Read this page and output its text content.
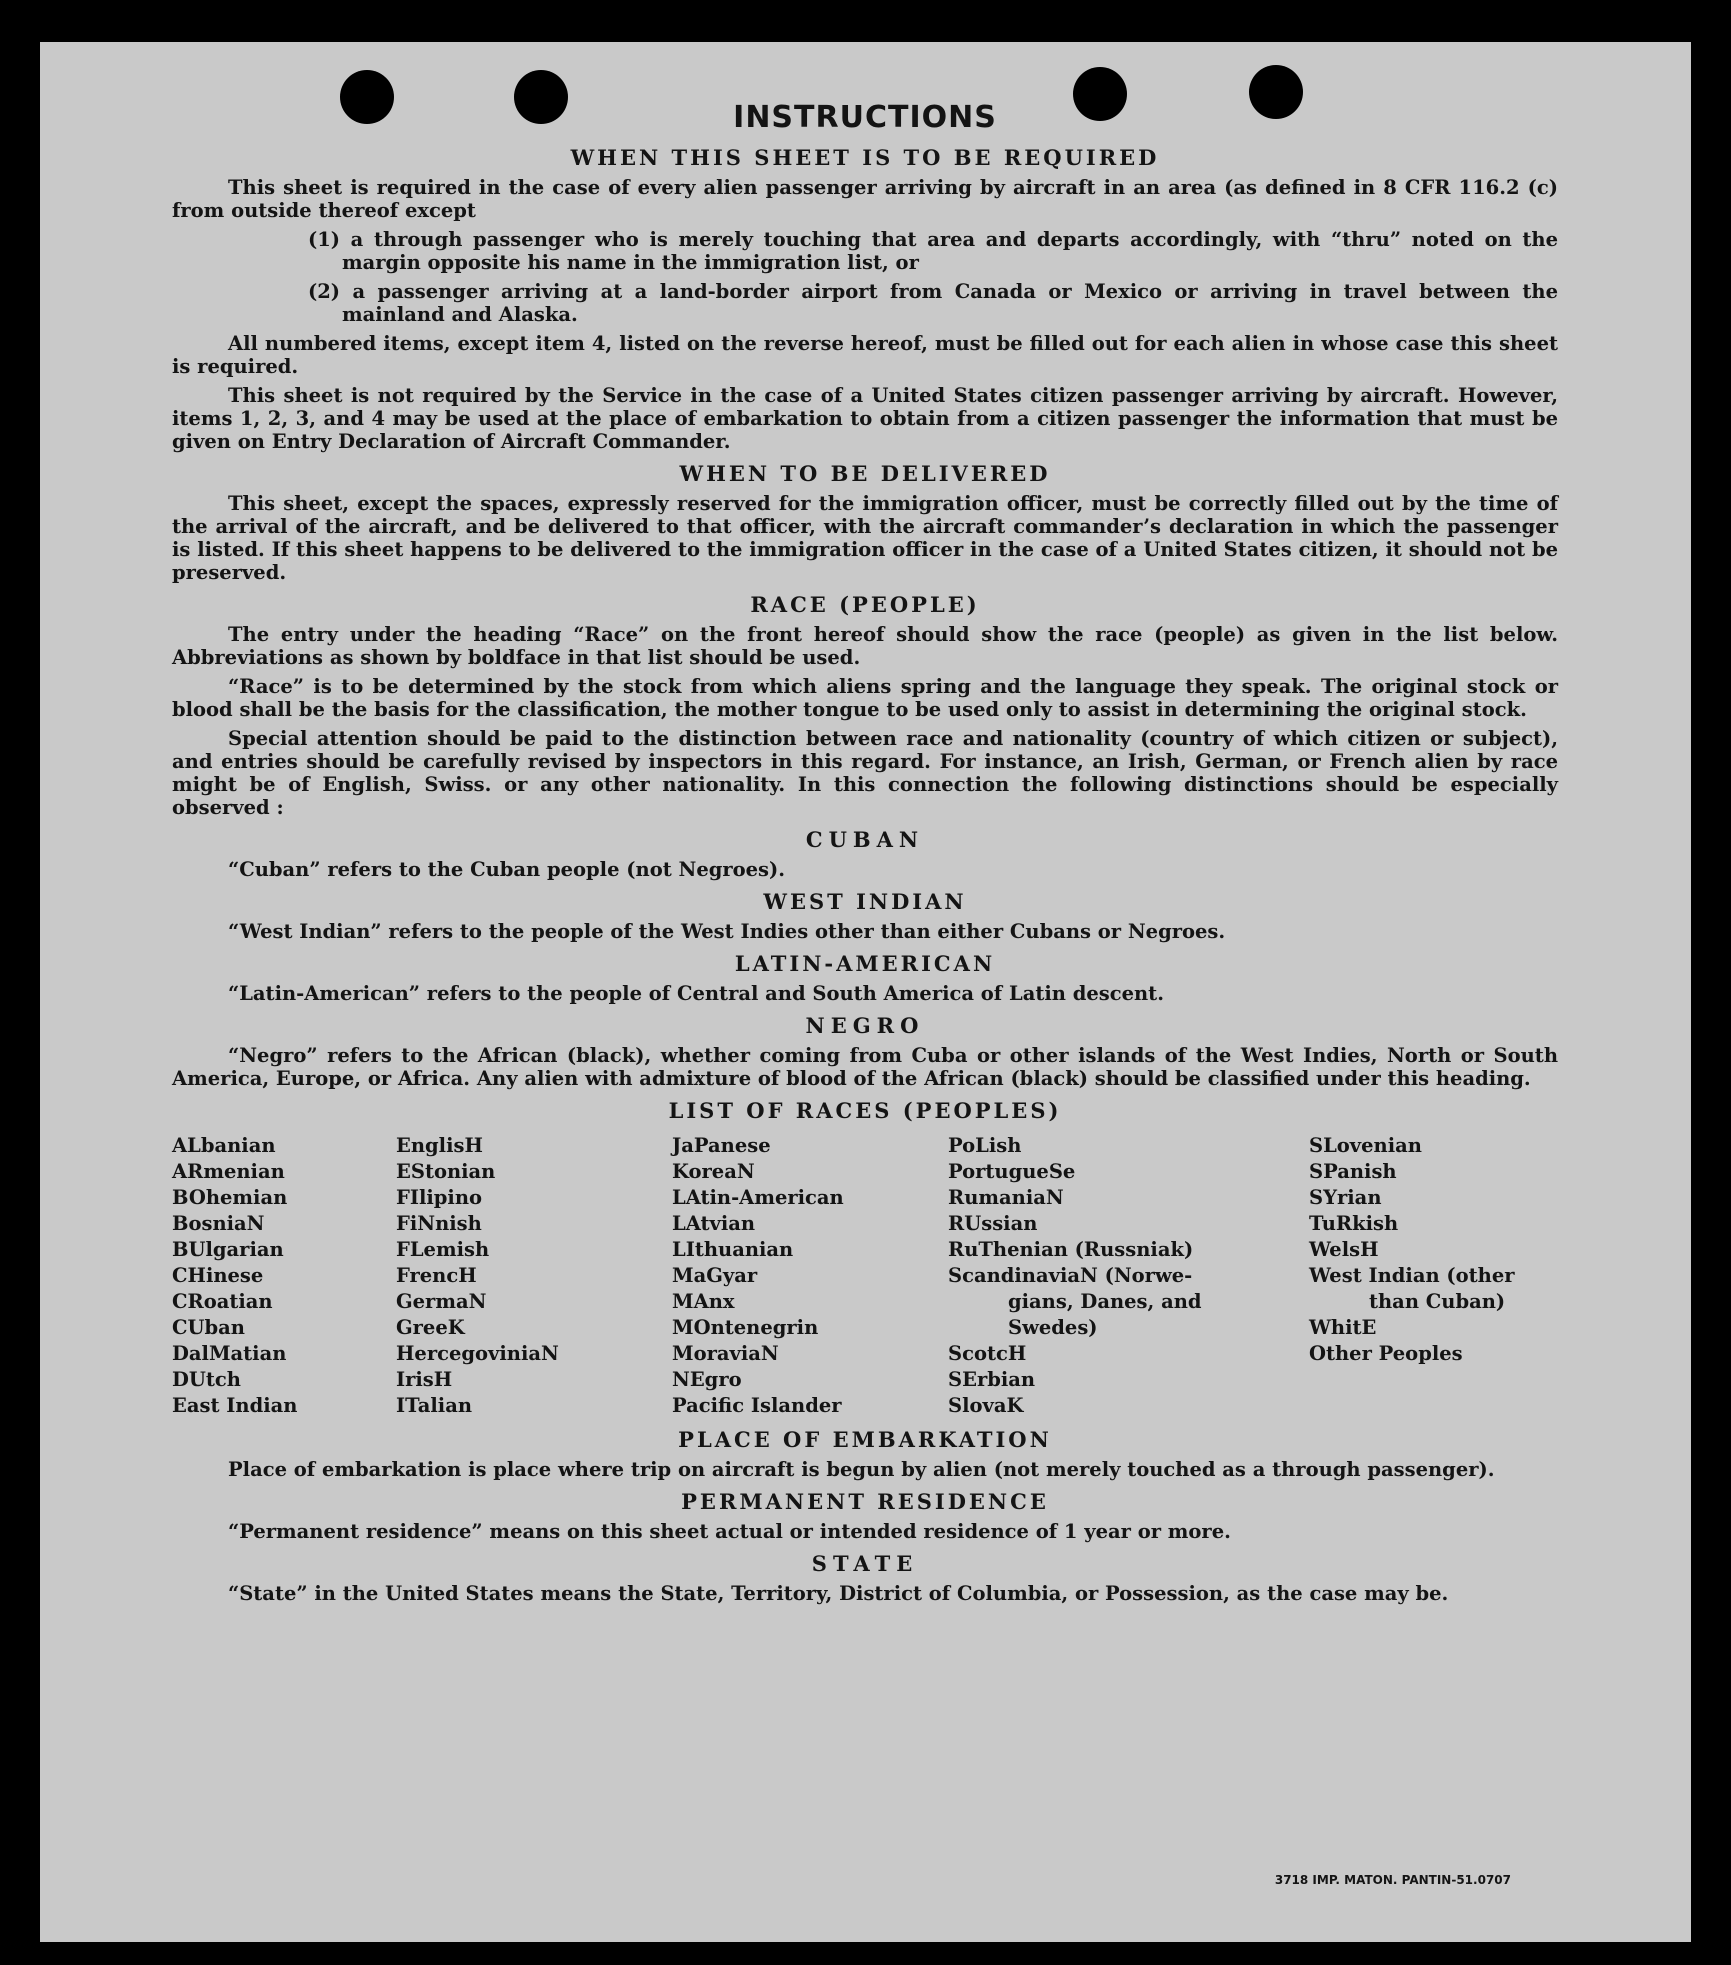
INSTRUCTIONS
WHEN THIS SHEET IS TO BE REQUIRED

This sheet is required in the case of every alien passenger arriving by aircraft in an area (as defined in 8 CFR 116.2 (c) from outside thereof except

(1) a through passenger who is merely touching that area and departs accordingly, with “thru” noted on the margin opposite his name in the immigration list, or

(2) a passenger arriving at a land-border airport from Canada or Mexico or arriving in travel between the mainland and Alaska.

All numbered items, except item 4, listed on the reverse hereof, must be filled out for each alien in whose case this sheet is required.

This sheet is not required by the Service in the case of a United States citizen passenger arriving by aircraft. However, items 1, 2, 3, and 4 may be used at the place of embarkation to obtain from a citizen passenger the information that must be given on Entry Declaration of Aircraft Commander.

WHEN TO BE DELIVERED

This sheet, except the spaces, expressly reserved for the immigration officer, must be correctly filled out by the time of the arrival of the aircraft, and be delivered to that officer, with the aircraft commander’s declaration in which the passenger is listed. If this sheet happens to be delivered to the immigration officer in the case of a United States citizen, it should not be preserved.

RACE (PEOPLE)

The entry under the heading “Race” on the front hereof should show the race (people) as given in the list below. Abbreviations as shown by boldface in that list should be used.

“Race” is to be determined by the stock from which aliens spring and the language they speak. The original stock or blood shall be the basis for the classification, the mother tongue to be used only to assist in determining the original stock.

Special attention should be paid to the distinction between race and nationality (country of which citizen or subject), and entries should be carefully revised by inspectors in this regard. For instance, an Irish, German, or French alien by race might be of English, Swiss. or any other nationality. In this connection the following distinctions should be especially observed :

CUBAN

“Cuban” refers to the Cuban people (not Negroes).

WEST INDIAN

“West Indian” refers to the people of the West Indies other than either Cubans or Negroes.

LATIN-AMERICAN

“Latin-American” refers to the people of Central and South America of Latin descent.

NEGRO

“Negro” refers to the African (black), whether coming from Cuba or other islands of the West Indies, North or South America, Europe, or Africa. Any alien with admixture of blood of the African (black) should be classified under this heading.

LIST OF RACES (PEOPLES)
ALbanian
ARmenian
BOhemian
BosniaN
BUlgarian
CHinese
CRoatian
CUban
DalMatian
DUtch
East Indian
EnglisH
EStonian
FIlipino
FiNnish
FLemish
FrencH
GermaN
GreeK
HercegoviniaN
IrisH
ITalian
JaPanese
KoreaN
LAtin-American
LAtvian
LIthuanian
MaGyar
MAnx
MOntenegrin
MoraviaN
NEgro
Pacific Islander
PoLish
PortugueSe
RumaniaN
RUssian
RuThenian (Russniak)
ScandinaviaN (Norwe-
gians, Danes, and
Swedes)
ScotcH
SErbian
SlovaK
SLovenian
SPanish
SYrian
TuRkish
WelsH
West Indian (other
than Cuban)
WhitE
Other Peoples
PLACE OF EMBARKATION

Place of embarkation is place where trip on aircraft is begun by alien (not merely touched as a through passenger).

PERMANENT RESIDENCE

“Permanent residence” means on this sheet actual or intended residence of 1 year or more.

STATE

“State” in the United States means the State, Territory, District of Columbia, or Possession, as the case may be.

3718 IMP. MATON. PANTIN-51.0707
